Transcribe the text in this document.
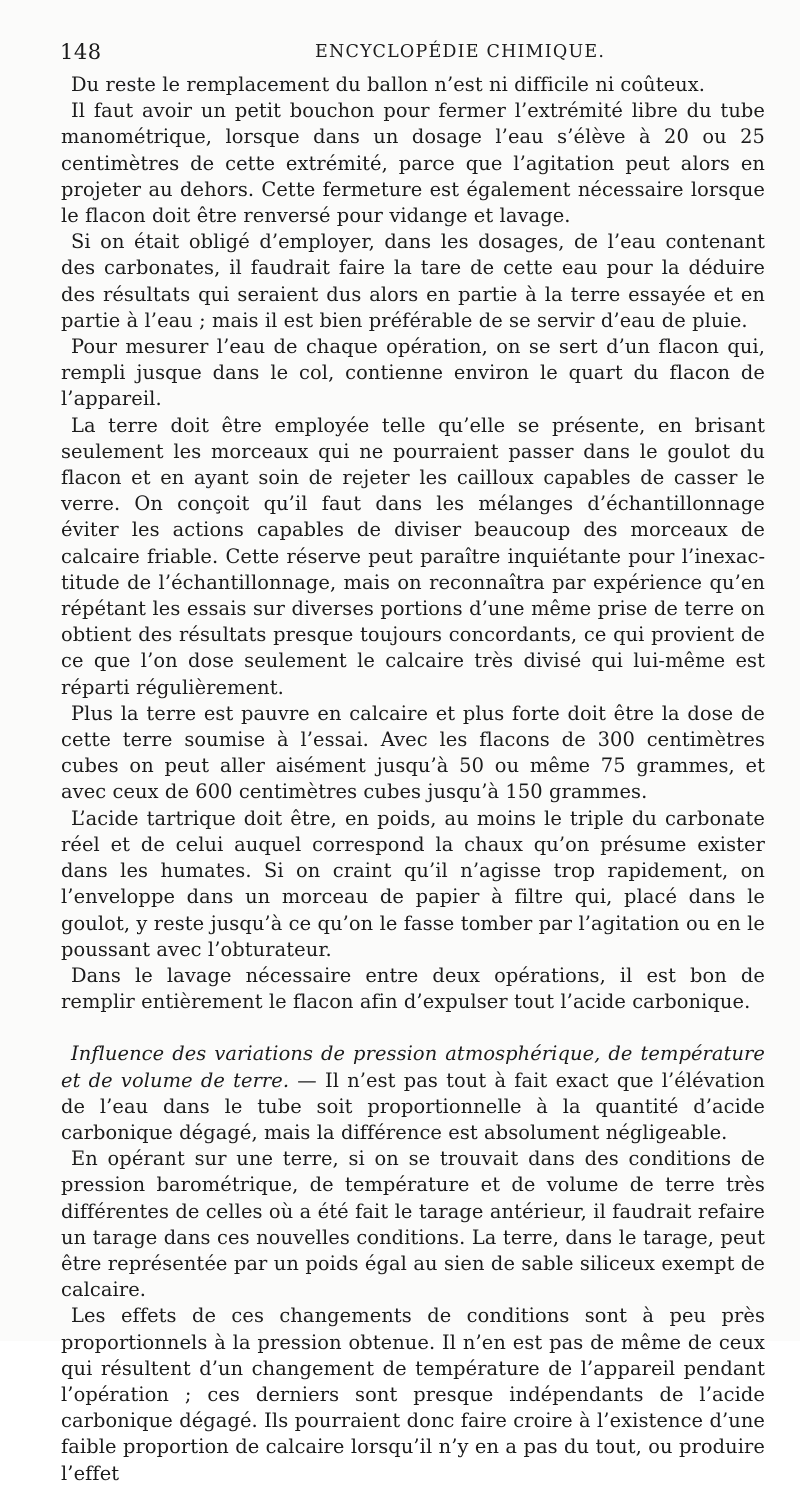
148	ENCYCLOPÉDIE CHIMIQUE.

Du reste le remplacement du ballon n’est ni difficile ni coûteux.

Il faut avoir un petit bouchon pour fermer l’extrémité libre du tube manométrique, lorsque dans un dosage l’eau s’élève à 20 ou 25 centimètres de cette extrémité, parce que l’agitation peut alors en projeter au dehors. Cette fermeture est également nécessaire lorsque le flacon doit être renversé pour vidange et lavage.

Si on était obligé d’employer, dans les dosages, de l’eau contenant des carbonates, il faudrait faire la tare de cette eau pour la déduire des résultats qui seraient dus alors en partie à la terre essayée et en partie à l’eau ; mais il est bien préférable de se servir d’eau de pluie.

Pour mesurer l’eau de chaque opération, on se sert d’un flacon qui, rempli jusque dans le col, contienne environ le quart du flacon de l’appareil.

La terre doit être employée telle qu’elle se présente, en brisant seulement les morceaux qui ne pourraient passer dans le goulot du flacon et en ayant soin de rejeter les cailloux capables de casser le verre. On conçoit qu’il faut dans les mélanges d’échantillonnage éviter les actions capables de diviser beaucoup des morceaux de calcaire friable. Cette réserve peut paraître inquiétante pour l’inexactitude de l’échantillonnage, mais on reconnaîtra par expérience qu’en répétant les essais sur diverses portions d’une même prise de terre on obtient des résultats presque toujours concordants, ce qui provient de ce que l’on dose seulement le calcaire très divisé qui lui-même est réparti régulièrement.

Plus la terre est pauvre en calcaire et plus forte doit être la dose de cette terre soumise à l’essai. Avec les flacons de 300 centimètres cubes on peut aller aisément jusqu’à 50 ou même 75 grammes, et avec ceux de 600 centimètres cubes jusqu’à 150 grammes.

L’acide tartrique doit être, en poids, au moins le triple du carbonate réel et de celui auquel correspond la chaux qu’on présume exister dans les humates. Si on craint qu’il n’agisse trop rapidement, on l’enveloppe dans un morceau de papier à filtre qui, placé dans le goulot, y reste jusqu’à ce qu’on le fasse tomber par l’agitation ou en le poussant avec l’obturateur.

Dans le lavage nécessaire entre deux opérations, il est bon de remplir entièrement le flacon afin d’expulser tout l’acide carbonique.

Influence des variations de pression atmosphérique, de température et de volume de terre. — Il n’est pas tout à fait exact que l’élévation de l’eau dans le tube soit proportionnelle à la quantité d’acide carbonique dégagé, mais la différence est absolument négligeable.

En opérant sur une terre, si on se trouvait dans des conditions de pression barométrique, de température et de volume de terre très différentes de celles où a été fait le tarage antérieur, il faudrait refaire un tarage dans ces nouvelles conditions. La terre, dans le tarage, peut être représentée par un poids égal au sien de sable siliceux exempt de calcaire.

Les effets de ces changements de conditions sont à peu près proportionnels à la pression obtenue. Il n’en est pas de même de ceux qui résultent d’un changement de température de l’appareil pendant l’opération ; ces derniers sont presque indépendants de l’acide carbonique dégagé. Ils pourraient donc faire croire à l’existence d’une faible proportion de calcaire lorsqu’il n’y en a pas du tout, ou produire l’effet
